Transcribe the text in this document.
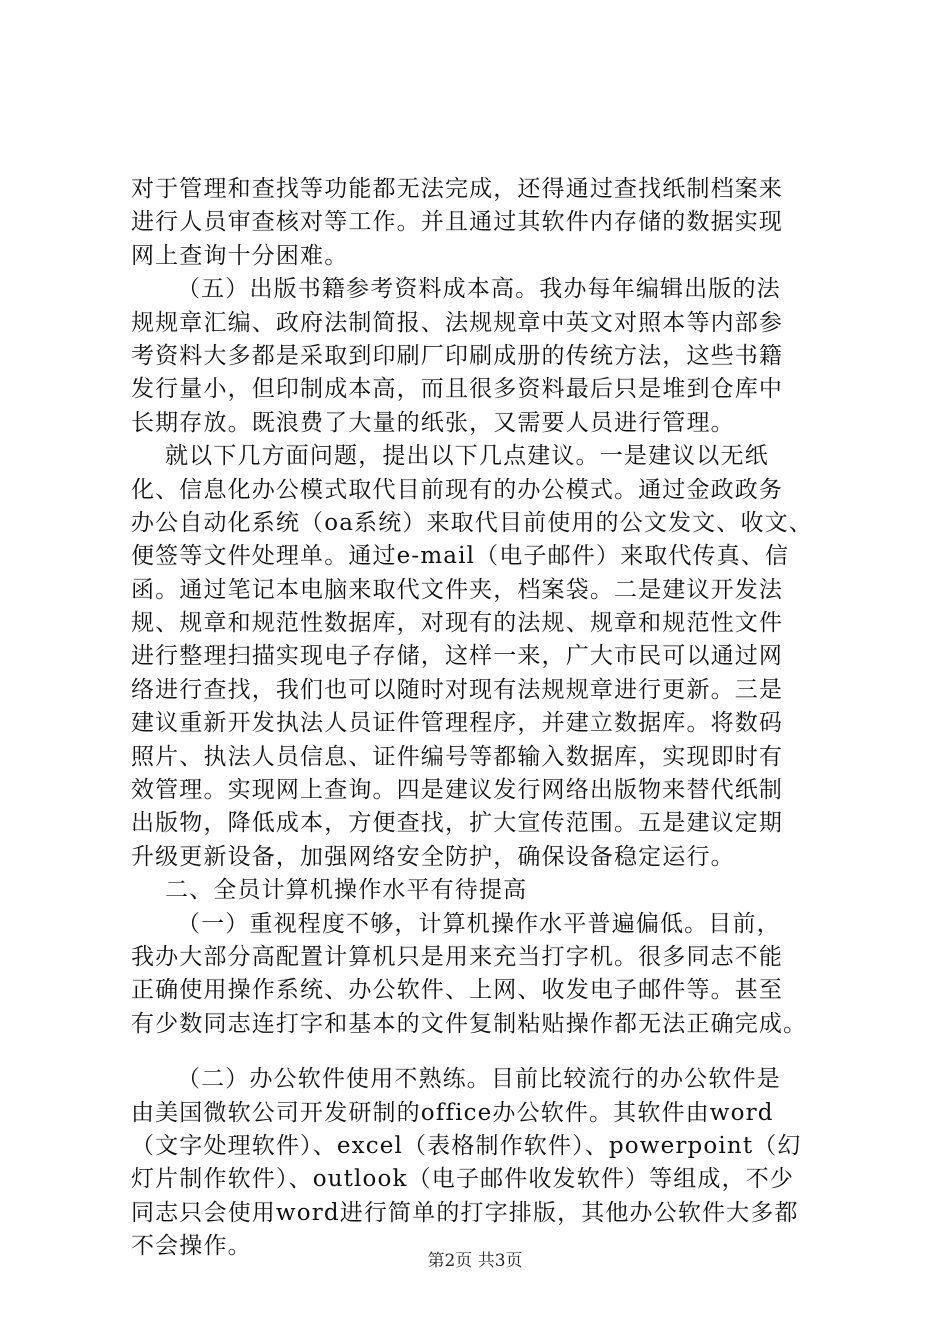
对于管理和查找等功能都无法完成，还得通过查找纸制档案来
进行人员审查核对等工作。并且通过其软件内存储的数据实现
网上查询十分困难。
（五）出版书籍参考资料成本高。我办每年编辑出版的法
规规章汇编、政府法制简报、法规规章中英文对照本等内部参
考资料大多都是采取到印刷厂印刷成册的传统方法，这些书籍
发行量小，但印制成本高，而且很多资料最后只是堆到仓库中
长期存放。既浪费了大量的纸张，又需要人员进行管理。
就以下几方面问题，提出以下几点建议。一是建议以无纸
化、信息化办公模式取代目前现有的办公模式。通过金政政务
办公自动化系统（oa系统）来取代目前使用的公文发文、收文、
便签等文件处理单。通过e-mail（电子邮件）来取代传真、信
函。通过笔记本电脑来取代文件夹，档案袋。二是建议开发法
规、规章和规范性数据库，对现有的法规、规章和规范性文件
进行整理扫描实现电子存储，这样一来，广大市民可以通过网
络进行查找，我们也可以随时对现有法规规章进行更新。三是
建议重新开发执法人员证件管理程序，并建立数据库。将数码
照片、执法人员信息、证件编号等都输入数据库，实现即时有
效管理。实现网上查询。四是建议发行网络出版物来替代纸制
出版物，降低成本，方便查找，扩大宣传范围。五是建议定期
升级更新设备，加强网络安全防护，确保设备稳定运行。
二、全员计算机操作水平有待提高
（一）重视程度不够，计算机操作水平普遍偏低。目前，
我办大部分高配置计算机只是用来充当打字机。很多同志不能
正确使用操作系统、办公软件、上网、收发电子邮件等。甚至
有少数同志连打字和基本的文件复制粘贴操作都无法正确完成。
（二）办公软件使用不熟练。目前比较流行的办公软件是
由美国微软公司开发研制的office办公软件。其软件由word
（文字处理软件）、excel（表格制作软件）、powerpoint（幻
灯片制作软件）、outlook（电子邮件收发软件）等组成，不少
同志只会使用word进行简单的打字排版，其他办公软件大多都
不会操作。
第2页 共3页
